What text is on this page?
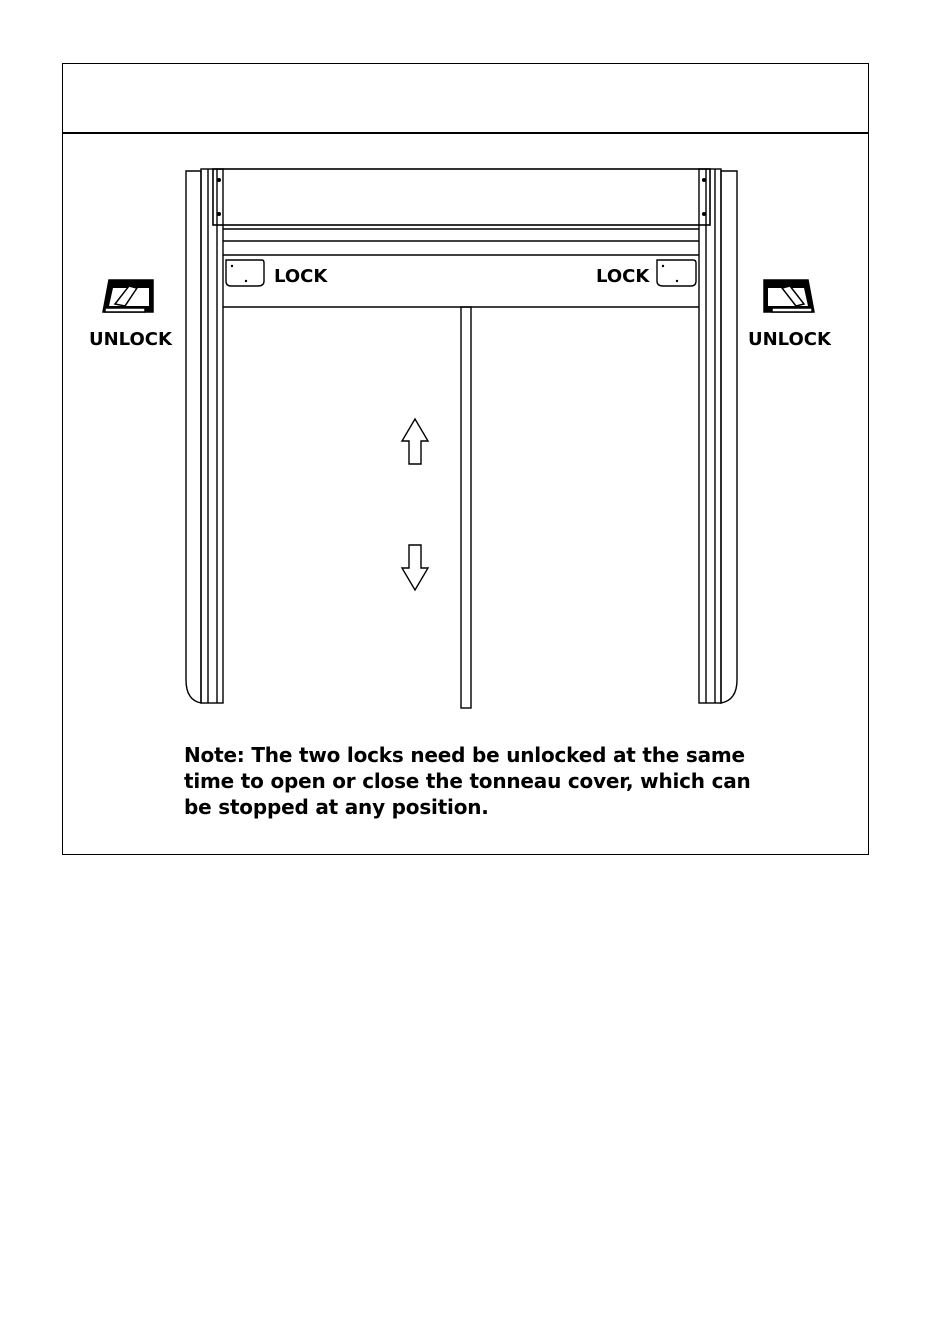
LOCK	LOCK
UNLOCK	UNLOCK

Note: The two locks need be unlocked at the same
time to open or close the tonneau cover, which can
be stopped at any position.
